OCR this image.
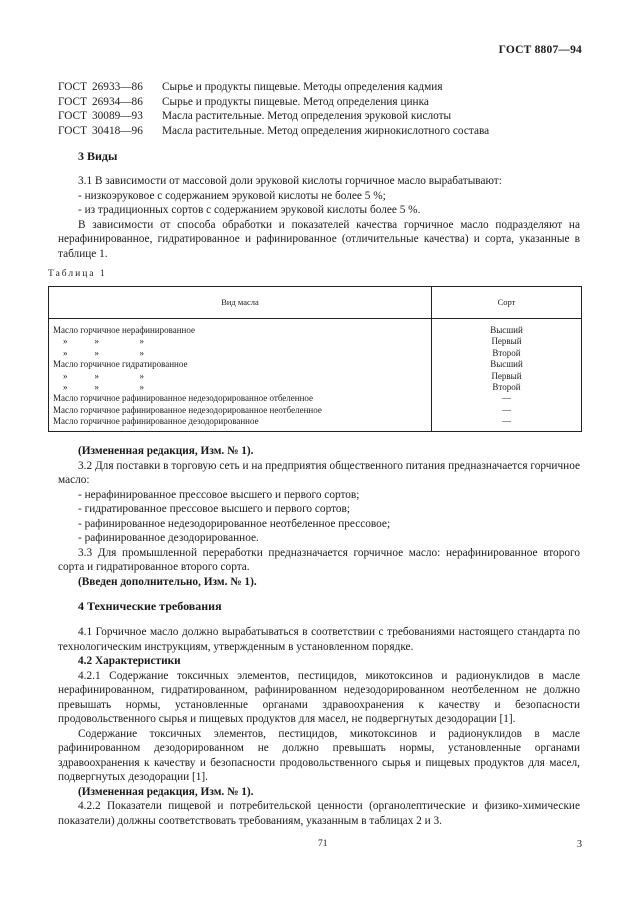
ГОСТ 8807—94
ГОСТ 26933—86 Сырье и продукты пищевые. Методы определения кадмия
ГОСТ 26934—86 Сырье и продукты пищевые. Метод определения цинка
ГОСТ 30089—93 Масла растительные. Метод определения эруковой кислоты
ГОСТ 30418—96 Масла растительные. Метод определения жирнокислотного состава
3 Виды

3.1 В зависимости от массовой доли эруковой кислоты горчичное масло вырабатывают:

- низкоэруковое с содержанием эруковой кислоты не более 5 %;

- из традиционных сортов с содержанием эруковой кислоты более 5 %.

В зависимости от способа обработки и показателей качества горчичное масло подразделяют на нерафинированное, гидратированное и рафинированное (отличительные качества) и сорта, указанные в таблице 1.

Таблица 1
Вид масла	Сорт
Масло горчичное нерафинированное	Высший
»            »                  »	Первый
»            »                  »	Второй
Масло горчичное гидратированное	Высший
»            »                  »	Первый
»            »                  »	Второй
Масло горчичное рафинированное недезодорированное отбеленное	—
Масло горчичное рафинированное недезодорированное неотбеленное	—
Масло горчичное рафинированное дезодорированное	—

(Измененная редакция, Изм. № 1).

3.2 Для поставки в торговую сеть и на предприятия общественного питания предназначается горчичное масло:

- нерафинированное прессовое высшего и первого сортов;

- гидратированное прессовое высшего и первого сортов;

- рафинированное недезодорированное неотбеленное прессовое;

- рафинированное дезодорированное.

3.3 Для промышленной переработки предназначается горчичное масло: нерафинированное второго сорта и гидратированное второго сорта.

(Введен дополнительно, Изм. № 1).

4 Технические требования

4.1 Горчичное масло должно вырабатываться в соответствии с требованиями настоящего стандарта по технологическим инструкциям, утвержденным в установленном порядке.

4.2 Характеристики

4.2.1 Содержание токсичных элементов, пестицидов, микотоксинов и радионуклидов в масле нерафинированном, гидратированном, рафинированном недезодорированном неотбеленном не должно превышать нормы, установленные органами здравоохранения к качеству и безопасности продовольственного сырья и пищевых продуктов для масел, не подвергнутых дезодорации [1].

Содержание токсичных элементов, пестицидов, микотоксинов и радионуклидов в масле рафинированном дезодорированном не должно превышать нормы, установленные органами здравоохранения к качеству и безопасности продовольственного сырья и пищевых продуктов для масел, подвергнутых дезодорации [1].

(Измененная редакция, Изм. № 1).

4.2.2 Показатели пищевой и потребительской ценности (органолептические и физико-химические показатели) должны соответствовать требованиям, указанным в таблицах 2 и 3.

71	3
